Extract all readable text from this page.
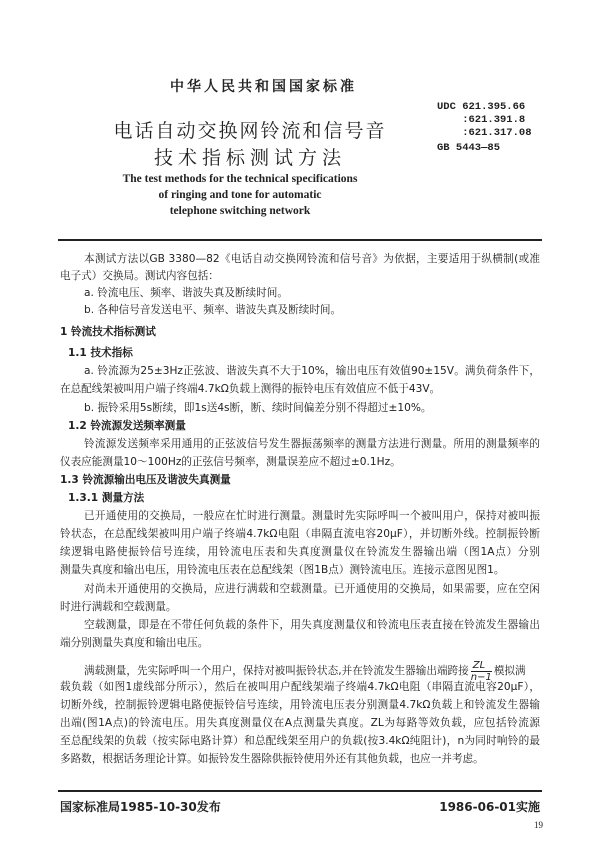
中华人民共和国国家标准
电话自动交换网铃流和信号音
技术指标测试方法
The test methods for the technical specifications
of ringing and tone for automatic
telephone switching network
UDC 621.395.66
:621.391.8
:621.317.08
GB 5443—85
本测试方法以GB 3380—82《电话自动交换网铃流和信号音》为依据，主要适用于纵横制(或准
电子式）交换局。测试内容包括：
a. 铃流电压、频率、谐波失真及断续时间。
b. 各种信号音发送电平、频率、谐波失真及断续时间。
1 铃流技术指标测试
1.1 技术指标
a. 铃流源为25±3Hz正弦波、谐波失真不大于10%，输出电压有效值90±15V。满负荷条件下，
在总配线架被叫用户端子终端4.7kΩ负载上测得的振铃电压有效值应不低于43V。
b. 振铃采用5s断续，即1s送4s断，断、续时间偏差分别不得超过±10%。
1.2 铃流源发送频率测量
铃流源发送频率采用通用的正弦波信号发生器振荡频率的测量方法进行测量。所用的测量频率的
仪表应能测量10～100Hz的正弦信号频率，测量误差应不超过±0.1Hz。
1.3 铃流源输出电压及谐波失真测量
1.3.1 测量方法
已开通使用的交换局，一般应在忙时进行测量。测量时先实际呼叫一个被叫用户，保持对被叫振
铃状态，在总配线架被叫用户端子终端4.7kΩ电阻（串隔直流电容20μF），并切断外线。控制振铃断
续逻辑电路使振铃信号连续，用铃流电压表和失真度测量仪在铃流发生器输出端（图1A点）分别
测量失真度和输出电压，用铃流电压表在总配线架（图1B点）测铃流电压。连接示意图见图1。
对尚未开通使用的交换局，应进行满载和空载测量。已开通使用的交换局，如果需要，应在空闲
时进行满载和空载测量。
空载测量，即是在不带任何负载的条件下，用失真度测量仪和铃流电压表直接在铃流发生器输出
端分别测量失真度和输出电压。
载负载（如图1虚线部分所示），然后在被叫用户配线架端子终端4.7kΩ电阻（串隔直流电容20μF），
切断外线，控制振铃逻辑电路使振铃信号连续，用铃流电压表分别测量4.7kΩ负载上和铃流发生器输
出端(图1A点)的铃流电压。用失真度测量仪在A点测量失真度。ZL为每路等效负载，应包括铃流源
至总配线架的负载（按实际电路计算）和总配线架至用户的负载(按3.4kΩ纯阻计)，n为同时响铃的最
多路数，根据话务理论计算。如振铃发生器除供振铃使用外还有其他负载，也应一并考虑。
满载测量，先实际呼叫一个用户，保持对被叫振铃状态,并在铃流发生器输出端跨接 $\frac{ZL}{n-1}$ 模拟满
国家标准局1985-10-30发布	1986-06-01实施
19
